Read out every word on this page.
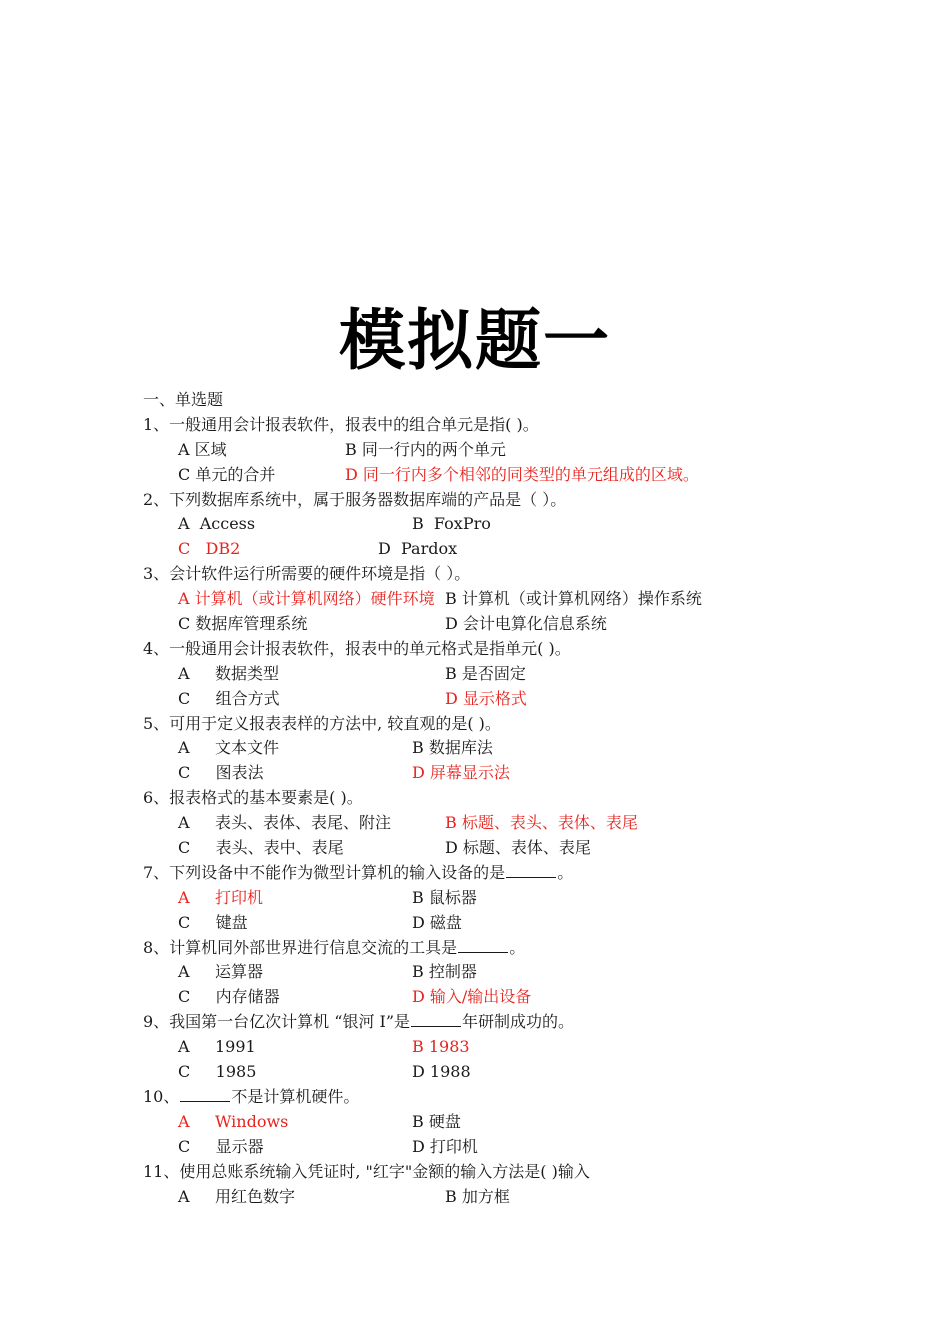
模拟题一
一、单选题
1、一般通用会计报表软件，报表中的组合单元是指( )。
A 区域	B 同一行内的两个单元
C 单元的合并	D 同一行内多个相邻的同类型的单元组成的区域。
2、下列数据库系统中，属于服务器数据库端的产品是（ ）。
A  Access	B  FoxPro
C   DB2	D  Pardox
3、会计软件运行所需要的硬件环境是指（ ）。
A 计算机（或计算机网络）硬件环境 B 计算机（或计算机网络）操作系统
C 数据库管理系统	D 会计电算化信息系统
4、一般通用会计报表软件，报表中的单元格式是指单元( )。
A     数据类型	B 是否固定
C     组合方式	D 显示格式
5、可用于定义报表表样的方法中, 较直观的是( )。
A     文本文件	B 数据库法
C     图表法	D 屏幕显示法
6、报表格式的基本要素是( )。
A     表头、表体、表尾、附注	B 标题、表头、表体、表尾
C     表头、表中、表尾	D 标题、表体、表尾
7、下列设备中不能作为微型计算机的输入设备的是	。
A     打印机	B 鼠标器
C     键盘	D 磁盘
8、计算机同外部世界进行信息交流的工具是	。
A     运算器	B 控制器
C     内存储器	D 输入/输出设备
9、我国第一台亿次计算机 “银河 I”是	年研制成功的。
A     1991	B 1983
C     1985	D 1988
10、	不是计算机硬件。
A     Windows	B 硬盘
C     显示器	D 打印机
11、使用总账系统输入凭证时, "红字"金额的输入方法是( )输入
A     用红色数字	B 加方框
